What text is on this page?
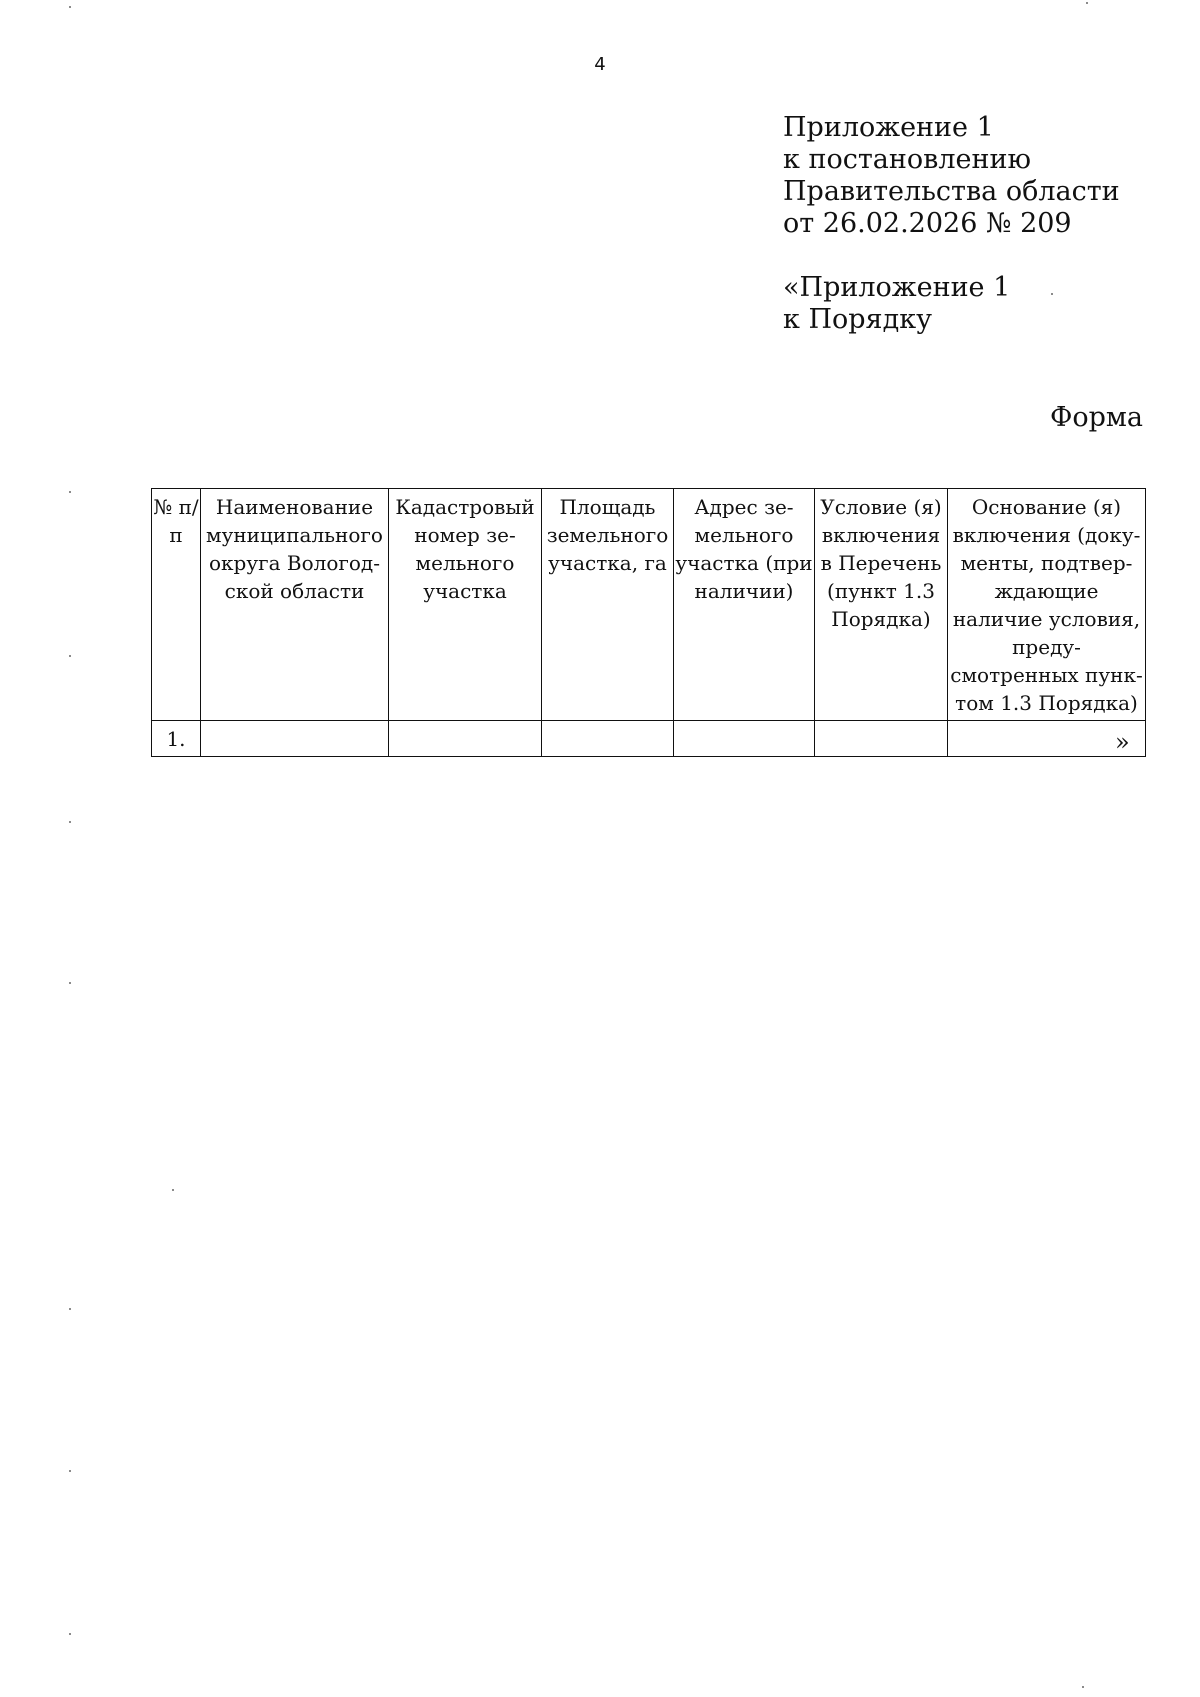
4
Приложение 1
к постановлению
Правительства области
от 26.02.2026 № 209
«Приложение 1
к Порядку
Форма
№ п/п	Наименование муниципального округа Вологод-ской области	Кадастровый номер зе-мельного участка	Площадь земельного участка, га	Адрес зе-мельного участка (при наличии)	Условие (я) включения в Перечень (пункт 1.3 Порядка)	Основание (я) включения (доку-менты, подтвер-ждающие наличие условия, преду-смотренных пунк-том 1.3 Порядка)
1.							»
